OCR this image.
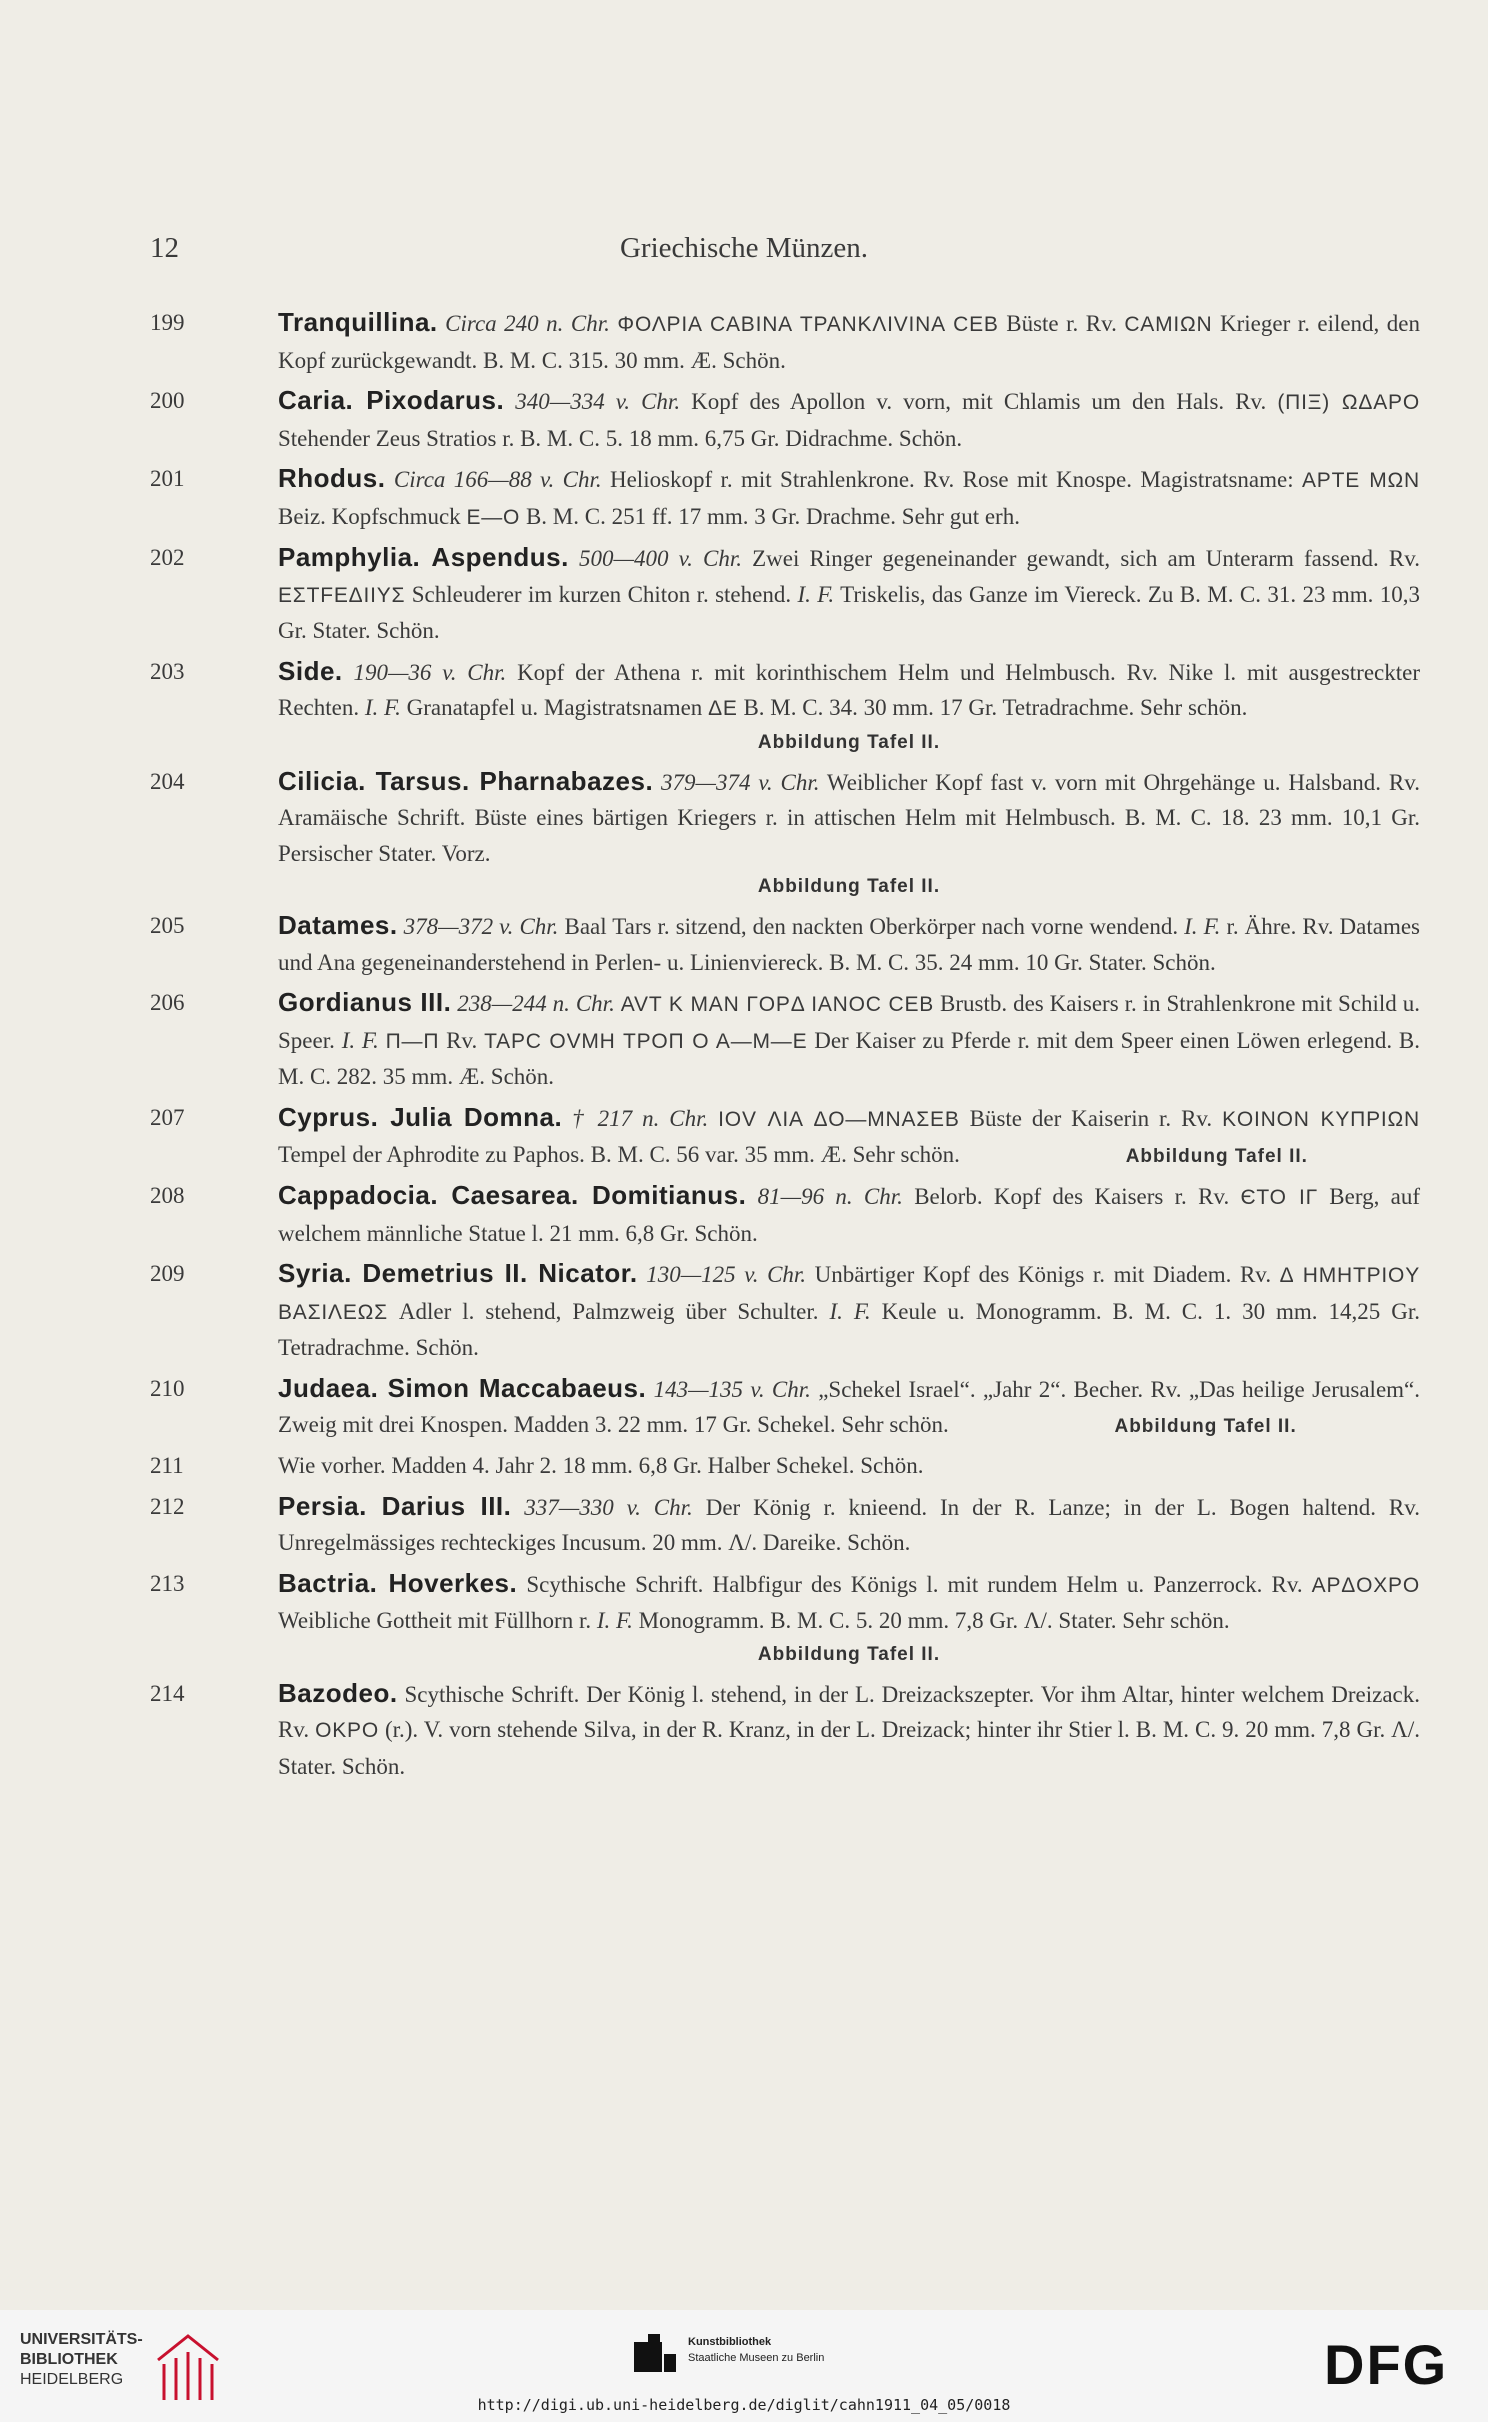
12	Griechische Münzen.
199	Tranquillina. Circa 240 n. Chr. ΦΟΛΡΙΑ CABINA TPANKΛIVINA CEB Büste r. Rv. CAMIΩN Krieger r. eilend, den Kopf zurückgewandt. B. M. C. 315. 30 mm. Æ. Schön.
200	Caria. Pixodarus. 340—334 v. Chr. Kopf des Apollon v. vorn, mit Chlamis um den Hals. Rv. (ΠΙΞ) ΩΔΑΡΟ Stehender Zeus Stratios r. B. M. C. 5. 18 mm. 6,75 Gr. Didrachme. Schön.
201	Rhodus. Circa 166—88 v. Chr. Helioskopf r. mit Strahlenkrone. Rv. Rose mit Knospe. Magistratsname: APTE MΩN Beiz. Kopfschmuck E—O B. M. C. 251 ff. 17 mm. 3 Gr. Drachme. Sehr gut erh.
202	Pamphylia. Aspendus. 500—400 v. Chr. Zwei Ringer gegeneinander gewandt, sich am Unterarm fassend. Rv. EΣTFEΔIIYΣ Schleuderer im kurzen Chiton r. stehend. I. F. Triskelis, das Ganze im Viereck. Zu B. M. C. 31. 23 mm. 10,3 Gr. Stater. Schön.
203	Side. 190—36 v. Chr. Kopf der Athena r. mit korinthischem Helm und Helmbusch. Rv. Nike l. mit ausgestreckter Rechten. I. F. Granatapfel u. Magistratsnamen ΔE B. M. C. 34. 30 mm. 17 Gr. Tetradrachme. Sehr schön.
Abbildung Tafel II.
204	Cilicia. Tarsus. Pharnabazes. 379—374 v. Chr. Weiblicher Kopf fast v. vorn mit Ohrgehänge u. Halsband. Rv. Aramäische Schrift. Büste eines bärtigen Kriegers r. in attischen Helm mit Helmbusch. B. M. C. 18. 23 mm. 10,1 Gr. Persischer Stater. Vorz.
Abbildung Tafel II.
205	Datames. 378—372 v. Chr. Baal Tars r. sitzend, den nackten Oberkörper nach vorne wendend. I. F. r. Ähre. Rv. Datames und Ana gegeneinanderstehend in Perlen- u. Linienviereck. B. M. C. 35. 24 mm. 10 Gr. Stater. Schön.
206	Gordianus III. 238—244 n. Chr. AVT K MAN ΓOPΔ IANOC CEB Brustb. des Kaisers r. in Strahlenkrone mit Schild u. Speer. I. F. Π—Π Rv. TAPC OVMH TPOΠ O A—M—E Der Kaiser zu Pferde r. mit dem Speer einen Löwen erlegend. B. M. C. 282. 35 mm. Æ. Schön.
207	Cyprus. Julia Domna. † 217 n. Chr. IOV ΛIA ΔO—MNAΣEB Büste der Kaiserin r. Rv. KOINON KYΠPIΩN Tempel der Aphrodite zu Paphos. B. M. C. 56 var. 35 mm. Æ. Sehr schön.	Abbildung Tafel II.
208	Cappadocia. Caesarea. Domitianus. 81—96 n. Chr. Belorb. Kopf des Kaisers r. Rv. ЄTO IΓ Berg, auf welchem männliche Statue l. 21 mm. 6,8 Gr. Schön.
209	Syria. Demetrius II. Nicator. 130—125 v. Chr. Unbärtiger Kopf des Königs r. mit Diadem. Rv. Δ HMHTPIOY BAΣIΛEΩΣ Adler l. stehend, Palmzweig über Schulter. I. F. Keule u. Monogramm. B. M. C. 1. 30 mm. 14,25 Gr. Tetradrachme. Schön.
210	Judaea. Simon Maccabaeus. 143—135 v. Chr. „Schekel Israel“. „Jahr 2“. Becher. Rv. „Das heilige Jerusalem“. Zweig mit drei Knospen. Madden 3. 22 mm. 17 Gr. Schekel. Sehr schön.	Abbildung Tafel II.
211	Wie vorher. Madden 4. Jahr 2. 18 mm. 6,8 Gr. Halber Schekel. Schön.
212	Persia. Darius III. 337—330 v. Chr. Der König r. knieend. In der R. Lanze; in der L. Bogen haltend. Rv. Unregelmässiges rechteckiges Incusum. 20 mm. Λ/. Dareike. Schön.
213	Bactria. Hoverkes. Scythische Schrift. Halbfigur des Königs l. mit rundem Helm u. Panzerrock. Rv. APΔOXPO Weibliche Gottheit mit Füllhorn r. I. F. Monogramm. B. M. C. 5. 20 mm. 7,8 Gr. Λ/. Stater. Sehr schön.
Abbildung Tafel II.
214	Bazodeo. Scythische Schrift. Der König l. stehend, in der L. Dreizackszepter. Vor ihm Altar, hinter welchem Dreizack. Rv. OKPO (r.). V. vorn stehende Silva, in der R. Kranz, in der L. Dreizack; hinter ihr Stier l. B. M. C. 9. 20 mm. 7,8 Gr. Λ/. Stater. Schön.
UNIVERSITÄTS-
BIBLIOTHEK
HEIDELBERG
Kunstbibliothek
Staatliche Museen zu Berlin	DFG
http://digi.ub.uni-heidelberg.de/diglit/cahn1911_04_05/0018
